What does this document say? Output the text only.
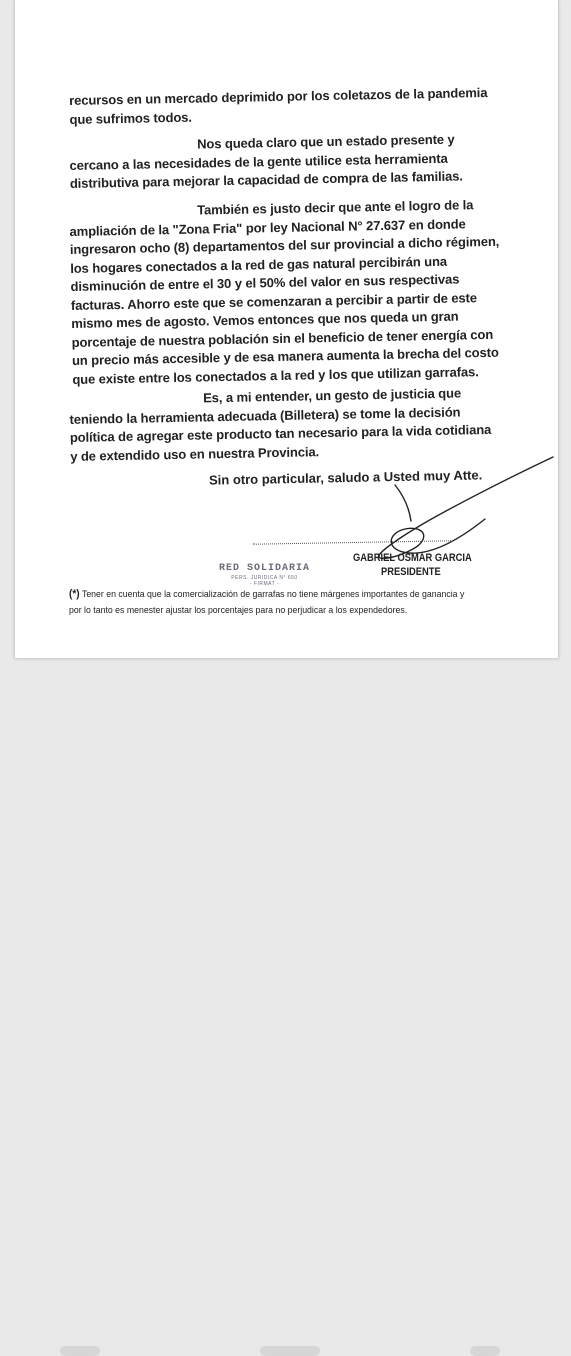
recursos en un mercado deprimido por los coletazos de la pandemia
que sufrimos todos.
Nos queda claro que un estado presente y
cercano a las necesidades de la gente utilice esta herramienta
distributiva para mejorar la capacidad de compra de las familias.
También es justo decir que ante el logro de la
ampliación de la "Zona Fria" por ley Nacional N° 27.637 en donde
ingresaron ocho (8) departamentos del sur provincial a dicho régimen,
los hogares conectados a la red de gas natural percibirán una
disminución de entre el 30 y el 50% del valor en sus respectivas
facturas. Ahorro este que se comenzaran a percibir a partir de este
mismo mes de agosto. Vemos entonces que nos queda un gran
porcentaje de nuestra población sin el beneficio de tener energía con
un precio más accesible y de esa manera aumenta la brecha del costo
que existe entre los conectados a la red y los que utilizan garrafas.
Es, a mi entender, un gesto de justicia que
teniendo la herramienta adecuada (Billetera) se tome la decisión
política de agregar este producto tan necesario para la vida cotidiana
y de extendido uso en nuestra Provincia.
Sin otro particular, saludo a Usted muy Atte.
GABRIEL OSMAR GARCIA
PRESIDENTE
RED SOLIDARIA
PERS. JURIDICA N° 650
- FIRMAT -
(*) Tener en cuenta que la comercialización de garrafas no tiene márgenes importantes de ganancia y por lo tanto es menester ajustar los porcentajes para no perjudicar a los expendedores.
